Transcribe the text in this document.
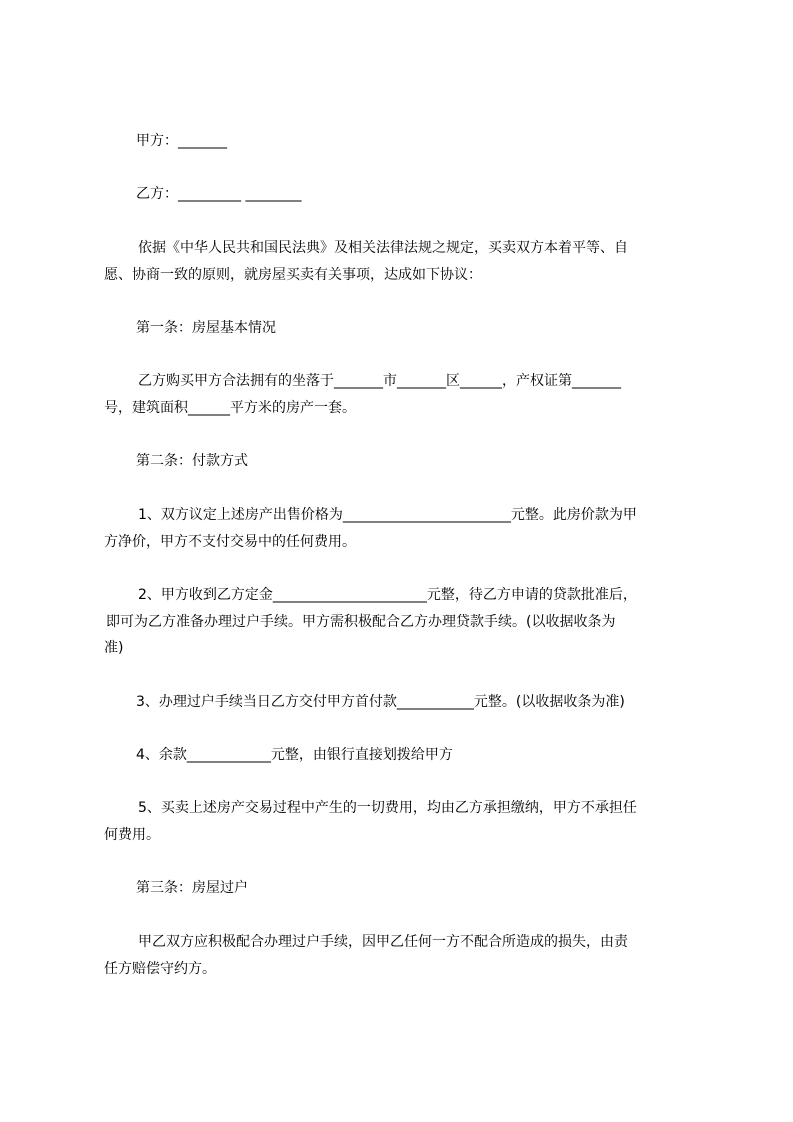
甲方：_______
乙方：_________ ________
依据《中华人民共和国民法典》及相关法律法规之规定，买卖双方本着平等、自
愿、协商一致的原则，就房屋买卖有关事项，达成如下协议：
第一条：房屋基本情况
乙方购买甲方合法拥有的坐落于_______市_______区______，产权证第_______
号，建筑面积______平方米的房产一套。
第二条：付款方式
1、双方议定上述房产出售价格为________________________元整。此房价款为甲
方净价，甲方不支付交易中的任何费用。
2、甲方收到乙方定金______________________元整，待乙方申请的贷款批准后，
即可为乙方准备办理过户手续。甲方需积极配合乙方办理贷款手续。(以收据收条为
准)
3、办理过户手续当日乙方交付甲方首付款___________元整。(以收据收条为准)
4、余款____________元整，由银行直接划拨给甲方
5、买卖上述房产交易过程中产生的一切费用，均由乙方承担缴纳，甲方不承担任
何费用。
第三条：房屋过户
甲乙双方应积极配合办理过户手续，因甲乙任何一方不配合所造成的损失，由责
任方赔偿守约方。
